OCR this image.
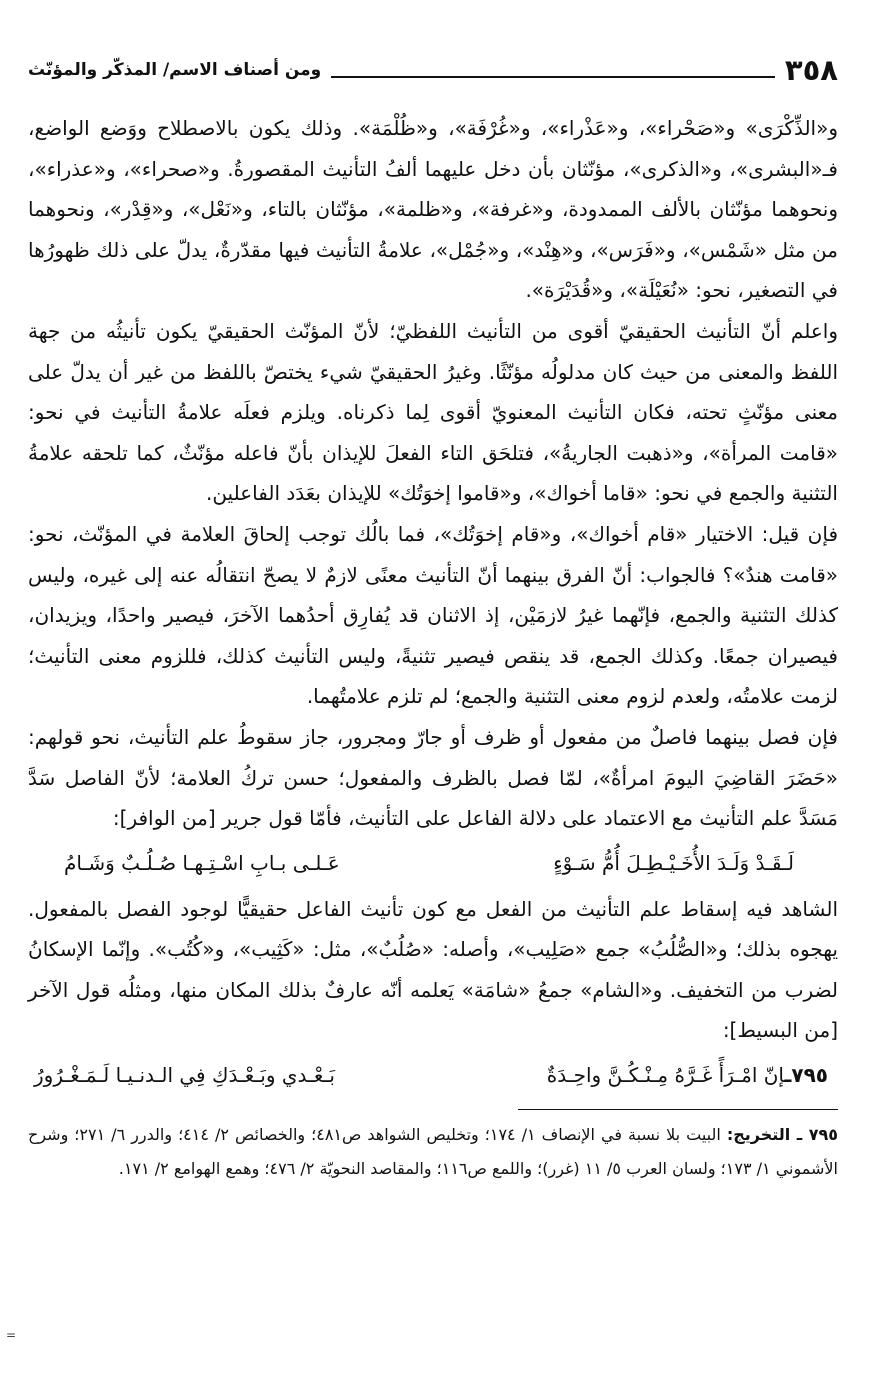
٣٥٨
ومن أصناف الاسم/ المذكّر والمؤنّث

و«الذِّكْرَى» و«صَحْراء»، و«عَذْراء»، و«غُرْفَة»، و«ظُلْمَة». وذلك يكون بالاصطلاح ووَضع الواضع، فـ«البشرى»، و«الذكرى»، مؤنّثان بأن دخل عليهما ألفُ التأنيث المقصورةُ. و«صحراء»، و«عذراء»، ونحوهما مؤنّثان بالألف الممدودة، و«غرفة»، و«ظلمة»، مؤنّثان بالتاء، و«نَعْل»، و«قِدْر»، ونحوهما من مثل «شَمْس»، و«فَرَس»، و«هِنْد»، و«جُمْل»، علامةُ التأنيث فيها مقدّرةٌ، يدلّ على ذلك ظهورُها في التصغير، نحو: «نُعَيْلَة»، و«قُدَيْرَة».

واعلم أنّ التأنيث الحقيقيّ أقوى من التأنيث اللفظيّ؛ لأنّ المؤنّث الحقيقيّ يكون تأنيثُه من جهة اللفظ والمعنى من حيث كان مدلولُه مؤنّثًا. وغيرُ الحقيقيّ شيء يختصّ باللفظ من غير أن يدلّ على معنى مؤنّثٍ تحته، فكان التأنيث المعنويّ أقوى لِما ذكرناه. ويلزم فعلَه علامةُ التأنيث في نحو: «قامت المرأة»، و«ذهبت الجاريةُ»، فتلحَق التاء الفعلَ للإيذان بأنّ فاعله مؤنّثٌ، كما تلحقه علامةُ التثنية والجمع في نحو: «قاما أخواك»، و«قاموا إخوَتُك» للإيذان بعَدَد الفاعلين.

فإن قيل: الاختيار «قام أخواك»، و«قام إخوَتُك»، فما بالُك توجب إلحاقَ العلامة في المؤنّث، نحو: «قامت هندٌ»؟ فالجواب: أنّ الفرق بينهما أنّ التأنيث معنًى لازمٌ لا يصحّ انتقالُه عنه إلى غيره، وليس كذلك التثنية والجمع، فإنّهما غيرُ لازمَيْن، إذ الاثنان قد يُفارِق أحدُهما الآخرَ، فيصير واحدًا، ويزيدان، فيصيران جمعًا. وكذلك الجمع، قد ينقص فيصير تثنيةً، وليس التأنيث كذلك، فللزوم معنى التأنيث؛ لزمت علامتُه، ولعدم لزوم معنى التثنية والجمع؛ لم تلزم علامتُهما.

فإن فصل بينهما فاصلٌ من مفعول أو ظرف أو جارّ ومجرور، جاز سقوطُ علم التأنيث، نحو قولهم: «حَضَرَ القاضِيَ اليومَ امرأةٌ»، لمّا فصل بالظرف والمفعول؛ حسن تركُ العلامة؛ لأنّ الفاصل سَدَّ مَسَدَّ علم التأنيث مع الاعتماد على دلالة الفاعل على التأنيث، فأمّا قول جرير [من الوافر]:

لَـقَـدْ وَلَـدَ الأُخَـيْـطِـلَ أُمُّ سَـوْءٍ
عَـلـى بـابِ اسْـتِـهـا صُـلُـبٌ وَشَـامُ

الشاهد فيه إسقاط علم التأنيث من الفعل مع كون تأنيث الفاعل حقيقيًّا لوجود الفصل بالمفعول. يهجوه بذلك؛ و«الصُّلُبُ» جمع «صَلِيب»، وأصله: «صُلُبٌ»، مثل: «كَثِيب»، و«كُتُب». وإنّما الإسكانُ لضرب من التخفيف. و«الشام» جمعُ «شامَة» يَعلمه أنّه عارفٌ بذلك المكان منها، ومثلُه قول الآخر [من البسيط]:

٧٩٥ـإنّ امْـرَأً غَـرَّهُ مِـنْـكُـنَّ واحِـدَةٌ
بَـعْـدي وبَـعْـدَكِ فِي الـدنـيـا لَـمَـغْـرُورُ

٧٩٥ ـ التخريج: البيت بلا نسبة في الإنصاف ١/ ١٧٤؛ وتخليص الشواهد ص٤٨١؛ والخصائص ٢/ ٤١٤؛ والدرر ٦/ ٢٧١؛ وشرح الأشموني ١/ ١٧٣؛ ولسان العرب ٥/ ١١ (غرر)؛ واللمع ص١١٦؛ والمقاصد النحويّة ٢/ ٤٧٦؛ وهمع الهوامع ٢/ ١٧١.

=
